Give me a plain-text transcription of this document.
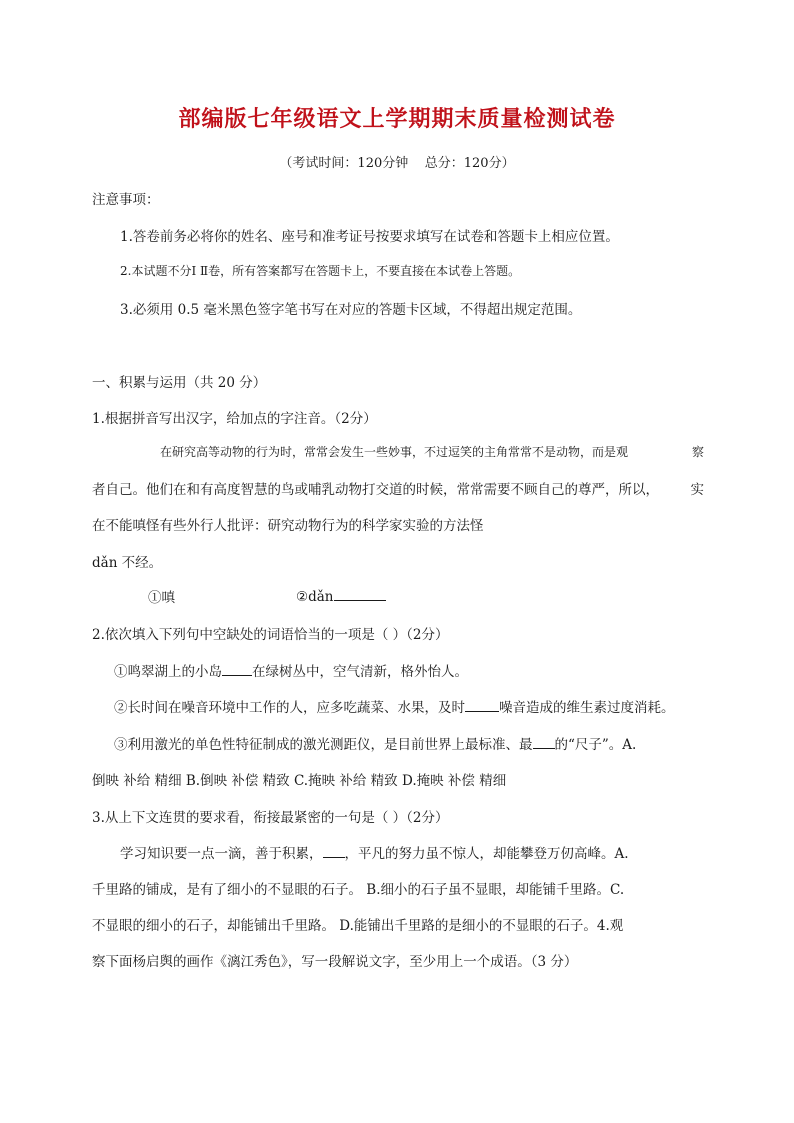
部编版七年级语文上学期期末质量检测试卷
（考试时间：120分钟    总分：120分）
注意事项：
1.答卷前务必将你的姓名、座号和准考证号按要求填写在试卷和答题卡上相应位置。
2.本试题不分Ⅰ Ⅱ卷，所有答案都写在答题卡上，不要直接在本试卷上答题。
3.必须用 0.5 毫米黑色签字笔书写在对应的答题卡区域，不得超出规定范围。
一、积累与运用（共 20 分）
1.根据拼音写出汉字，给加点的字注音。（2分）
在研究高等动物的行为时，常常会发生一些妙事，不过逗笑的主角常常不是动物，而是观	察
者自己。他们在和有高度智慧的鸟或哺乳动物打交道的时候，常常需要不顾自己的尊严，所以， 实
在不能嗔怪有些外行人批评：研究动物行为的科学家实验的方法怪
dǎn 不经。
①嗔	②dǎn
2.依次填入下列句中空缺处的词语恰当的一项是（ ）（2分）
①鸣翠湖上的小岛 在绿树丛中，空气清新，格外怡人。
②长时间在噪音环境中工作的人，应多吃蔬菜、水果，及时	噪音造成的维生素过度消耗。
③利用激光的单色性特征制成的激光测距仪，是目前世界上最标准、最 的“尺子”。A.
倒映 补给 精细 B.倒映 补偿 精致 C.掩映 补给 精致 D.掩映 补偿 精细
3.从上下文连贯的要求看，衔接最紧密的一句是（ ）（2分）
学习知识要一点一滴，善于积累， ，平凡的努力虽不惊人，却能攀登万仞高峰。A.
千里路的铺成，是有了细小的不显眼的石子。 B.细小的石子虽不显眼，却能铺千里路。C.
不显眼的细小的石子，却能铺出千里路。 D.能铺出千里路的是细小的不显眼的石子。4.观
察下面杨启舆的画作《漓江秀色》，写一段解说文字，至少用上一个成语。（3 分）
